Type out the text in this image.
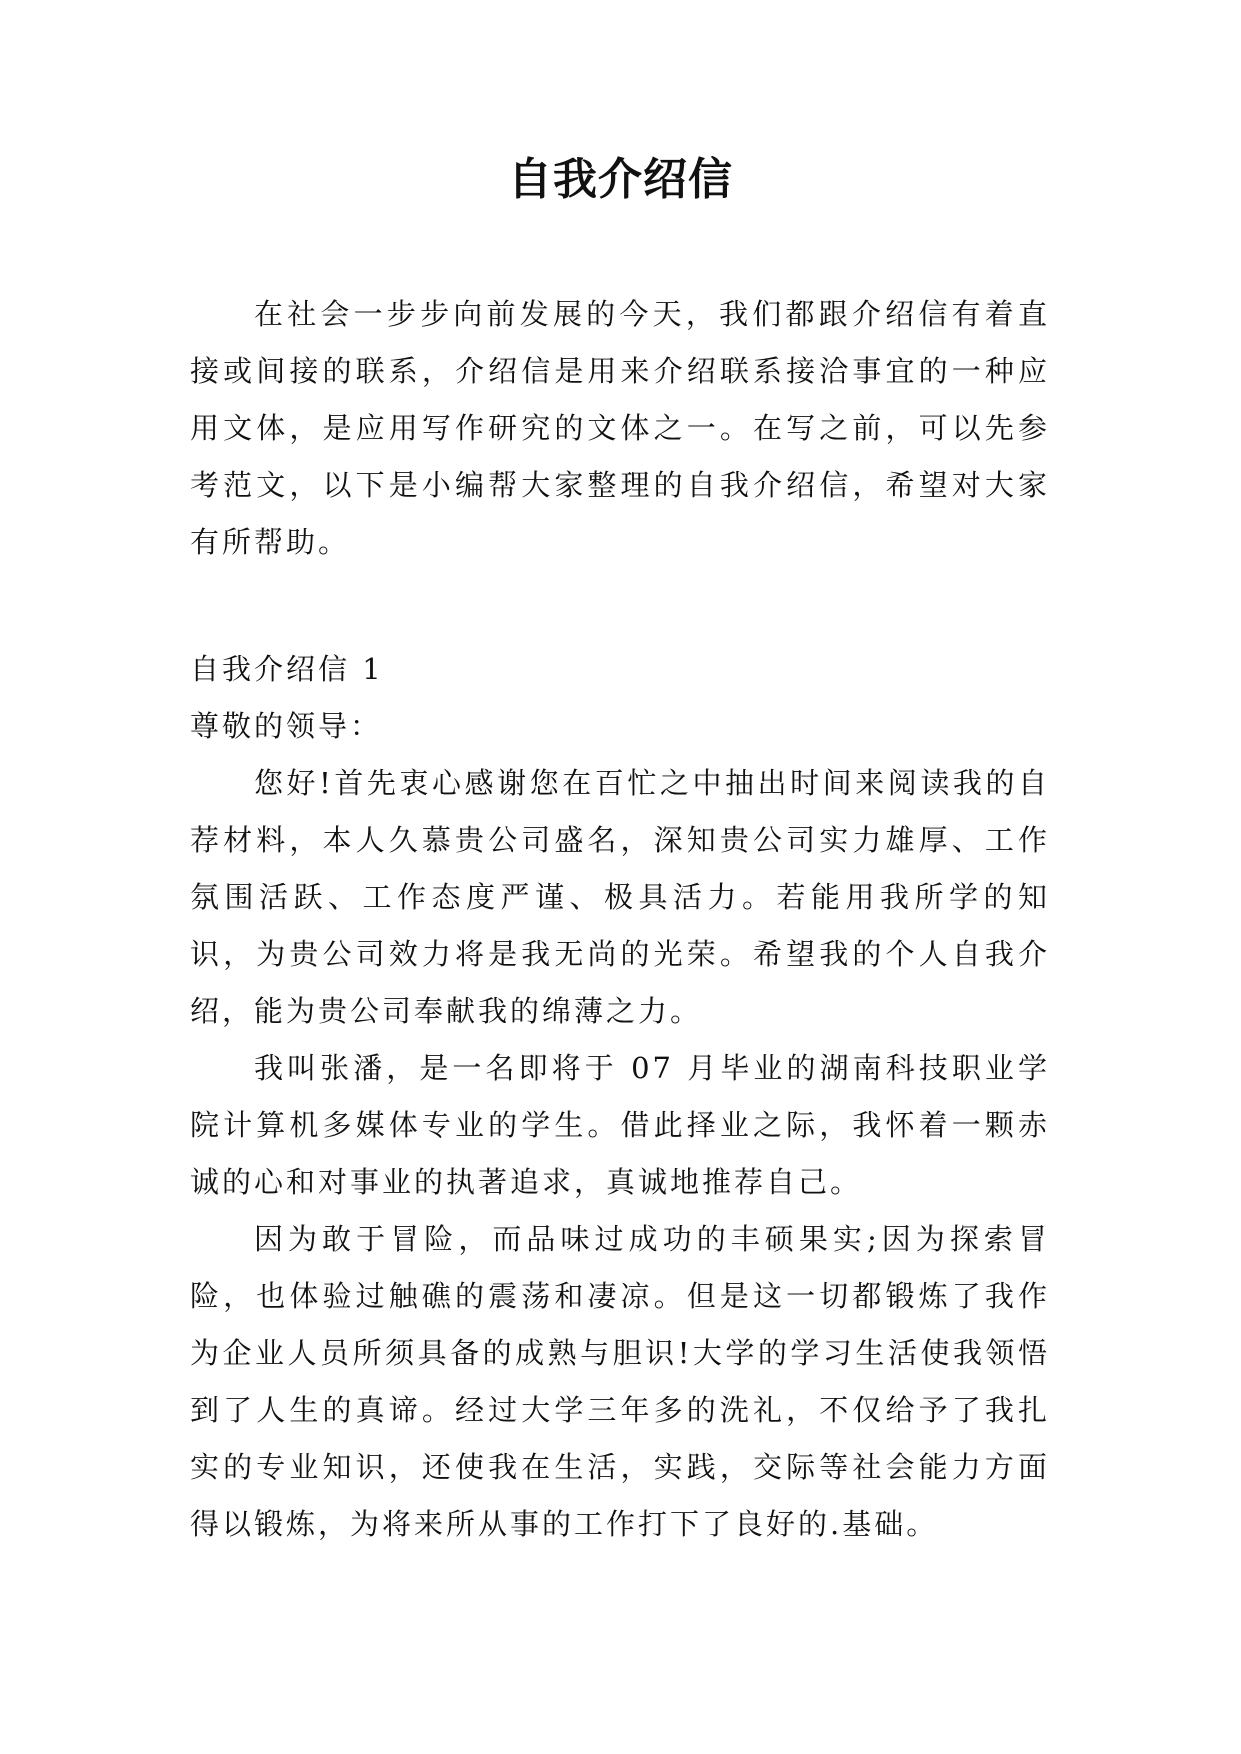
自我介绍信

在社会一步步向前发展的今天，我们都跟介绍信有着直接或间接的联系，介绍信是用来介绍联系接洽事宜的一种应用文体，是应用写作研究的文体之一。在写之前，可以先参考范文，以下是小编帮大家整理的自我介绍信，希望对大家有所帮助。

自我介绍信 1

尊敬的领导：

您好!首先衷心感谢您在百忙之中抽出时间来阅读我的自荐材料，本人久慕贵公司盛名，深知贵公司实力雄厚、工作氛围活跃、工作态度严谨、极具活力。若能用我所学的知识，为贵公司效力将是我无尚的光荣。希望我的个人自我介绍，能为贵公司奉献我的绵薄之力。

我叫张潘，是一名即将于 07 月毕业的湖南科技职业学院计算机多媒体专业的学生。借此择业之际，我怀着一颗赤诚的心和对事业的执著追求，真诚地推荐自己。

因为敢于冒险，而品味过成功的丰硕果实;因为探索冒险，也体验过触礁的震荡和凄凉。但是这一切都锻炼了我作为企业人员所须具备的成熟与胆识!大学的学习生活使我领悟到了人生的真谛。经过大学三年多的洗礼，不仅给予了我扎实的专业知识，还使我在生活，实践，交际等社会能力方面得以锻炼，为将来所从事的工作打下了良好的.基础。
